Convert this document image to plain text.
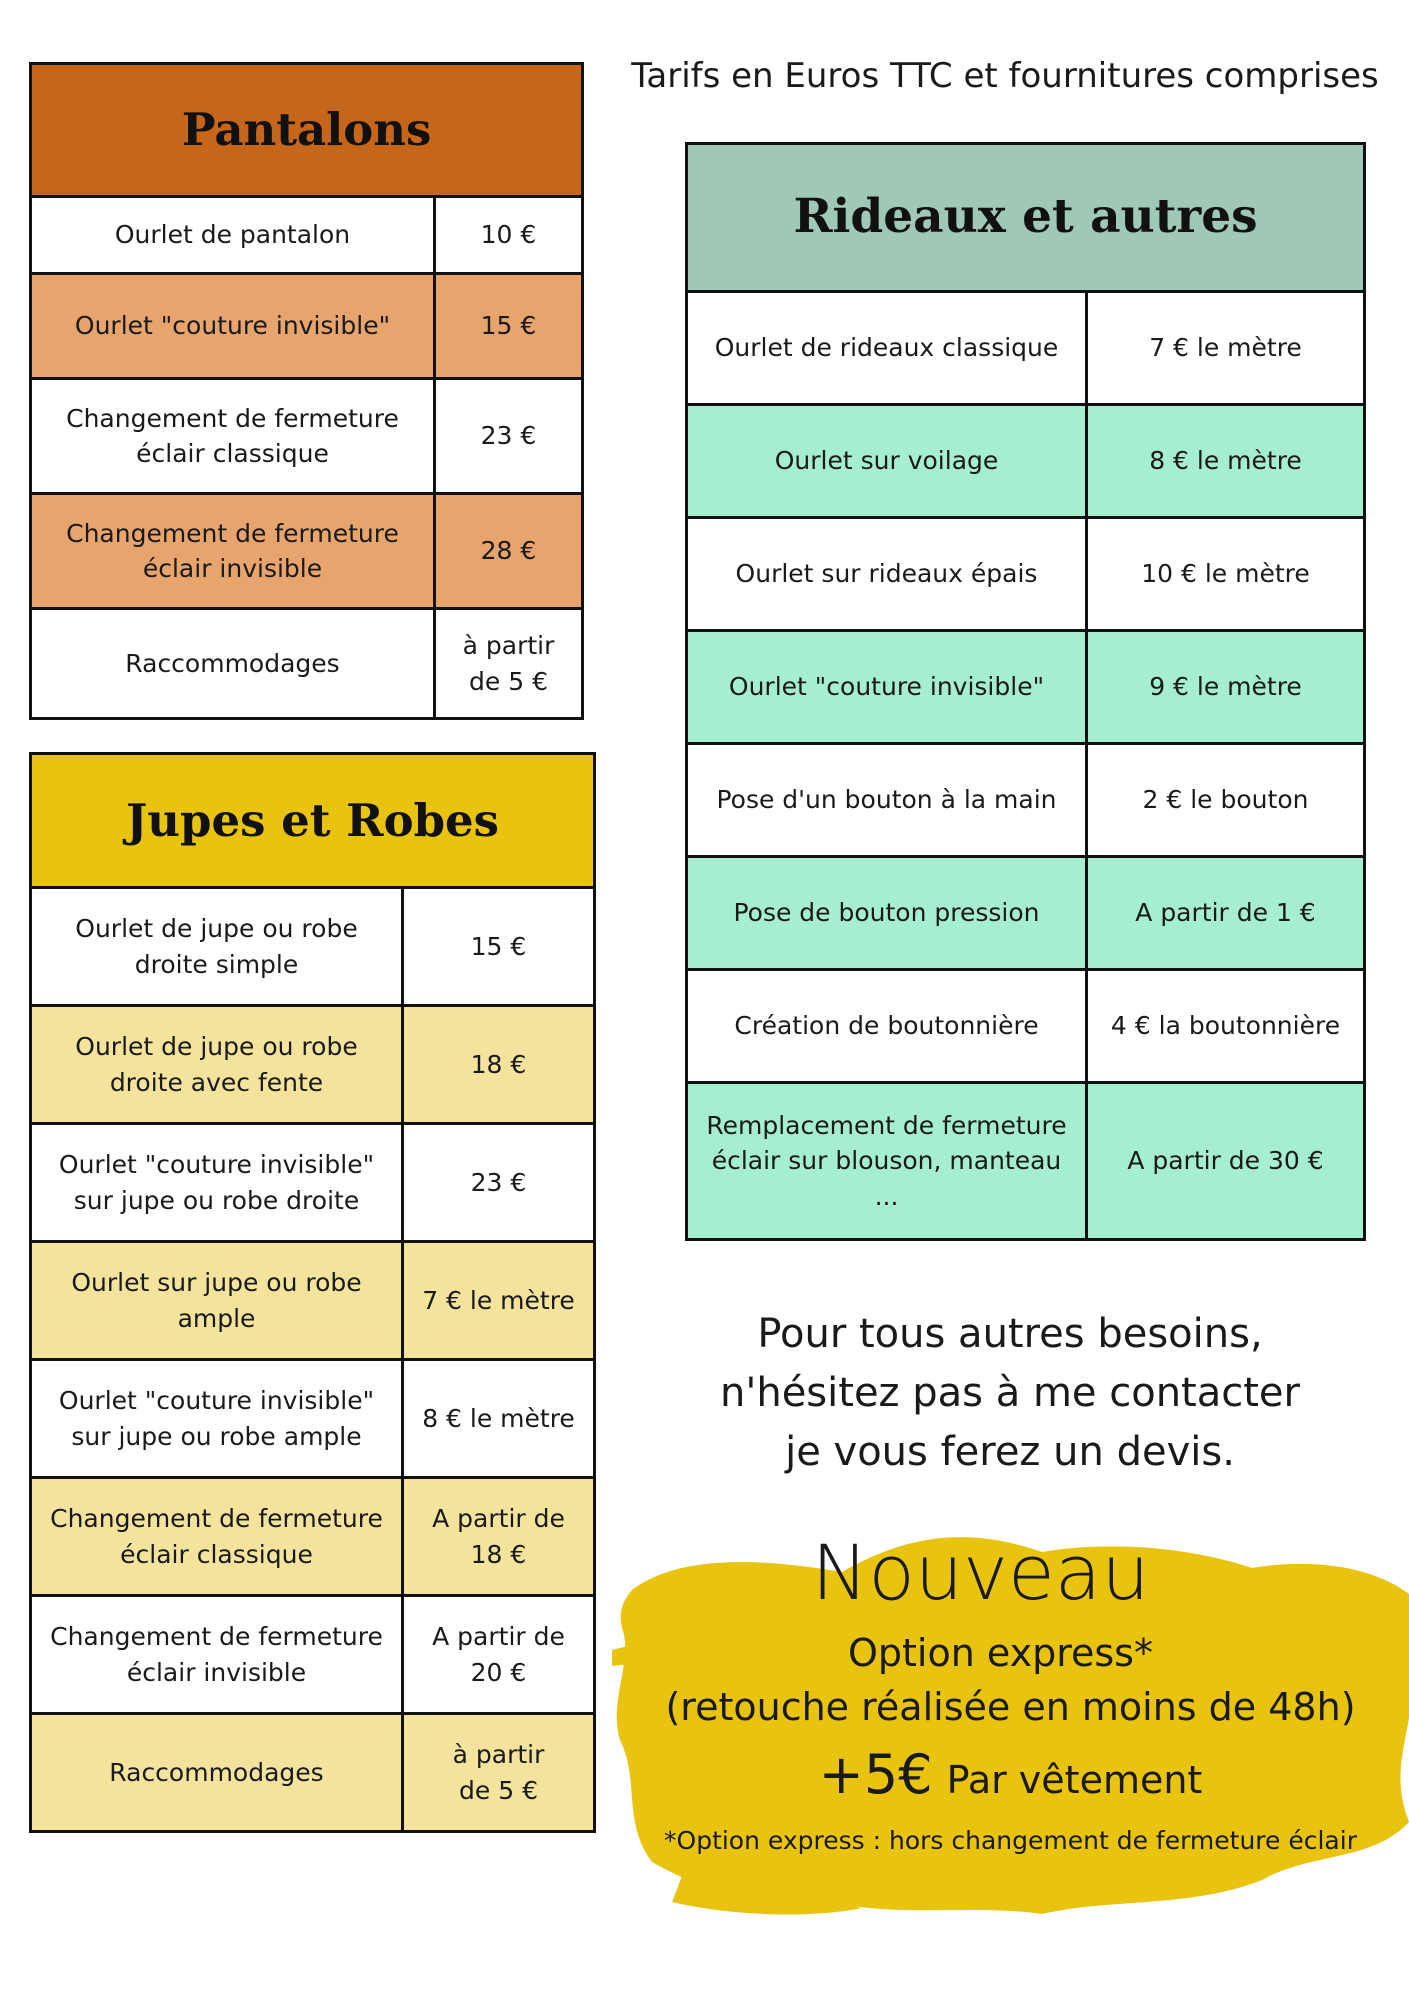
Pantalons	
Ourlet de pantalon	10 €
Ourlet "couture invisible"	15 €
Changement de fermeture
éclair classique	23 €
Changement de fermeture
éclair invisible	28 €
Raccommodages	à partir
de 5 €
Jupes et Robes	
Ourlet de jupe ou robe
droite simple	15 €
Ourlet de jupe ou robe
droite avec fente	18 €
Ourlet "couture invisible"
sur jupe ou robe droite	23 €
Ourlet sur jupe ou robe
ample	7 € le mètre
Ourlet "couture invisible"
sur jupe ou robe ample	8 € le mètre
Changement de fermeture
éclair classique	A partir de
18 €
Changement de fermeture
éclair invisible	A partir de
20 €
Raccommodages	à partir
de 5 €
Tarifs en Euros TTC et fournitures comprises
Rideaux et autres	
Ourlet de rideaux classique	7 € le mètre
Ourlet sur voilage	8 € le mètre
Ourlet sur rideaux épais	10 € le mètre
Ourlet "couture invisible"	9 € le mètre
Pose d'un bouton à la main	2 € le bouton
Pose de bouton pression	A partir de 1 €
Création de boutonnière	4 € la boutonnière
Remplacement de fermeture
éclair sur blouson, manteau ...	A partir de 30 €
Pour tous autres besoins,
n'hésitez pas à me contacter
je vous ferez un devis.
Nouveau
Option express*
(retouche réalisée en moins de 48h)
+5€ Par vêtement
*Option express : hors changement de fermeture éclair
